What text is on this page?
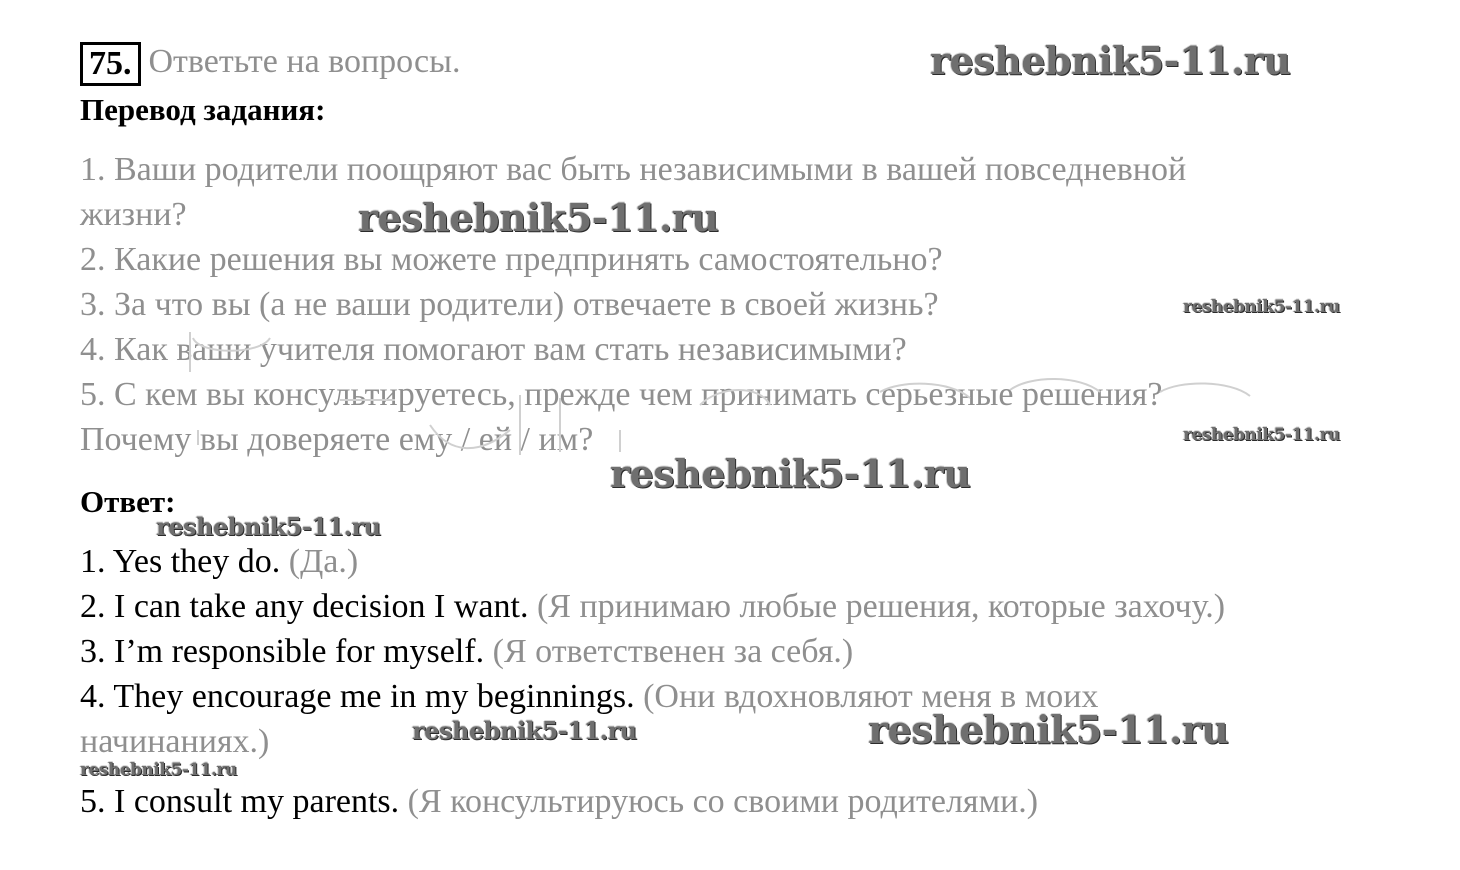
75. Ответьте на вопросы.
Перевод задания:
1. Ваши родители поощряют вас быть независимыми в вашей повседневной
жизни?
2. Какие решения вы можете предпринять самостоятельно?
3. За что вы (а не ваши родители) отвечаете в своей жизнь?
4. Как ваши учителя помогают вам стать независимыми?
5. С кем вы консультируетесь, прежде чем принимать серьезные решения?
Почему вы доверяете ему / ей / им?
Ответ:
1. Yes they do. (Да.)
2. I can take any decision I want. (Я принимаю любые решения, которые захочу.)
3. I’m responsible for myself. (Я ответственен за себя.)
4. They encourage me in my beginnings. (Они вдохновляют меня в моих
начинаниях.)
5. I consult my parents. (Я консультируюсь со своими родителями.)
reshebnik5-11.ru
reshebnik5-11.ru
reshebnik5-11.ru
reshebnik5-11.ru
reshebnik5-11.ru
reshebnik5-11.ru
reshebnik5-11.ru	reshebnik5-11.ru
reshebnik5-11.ru
